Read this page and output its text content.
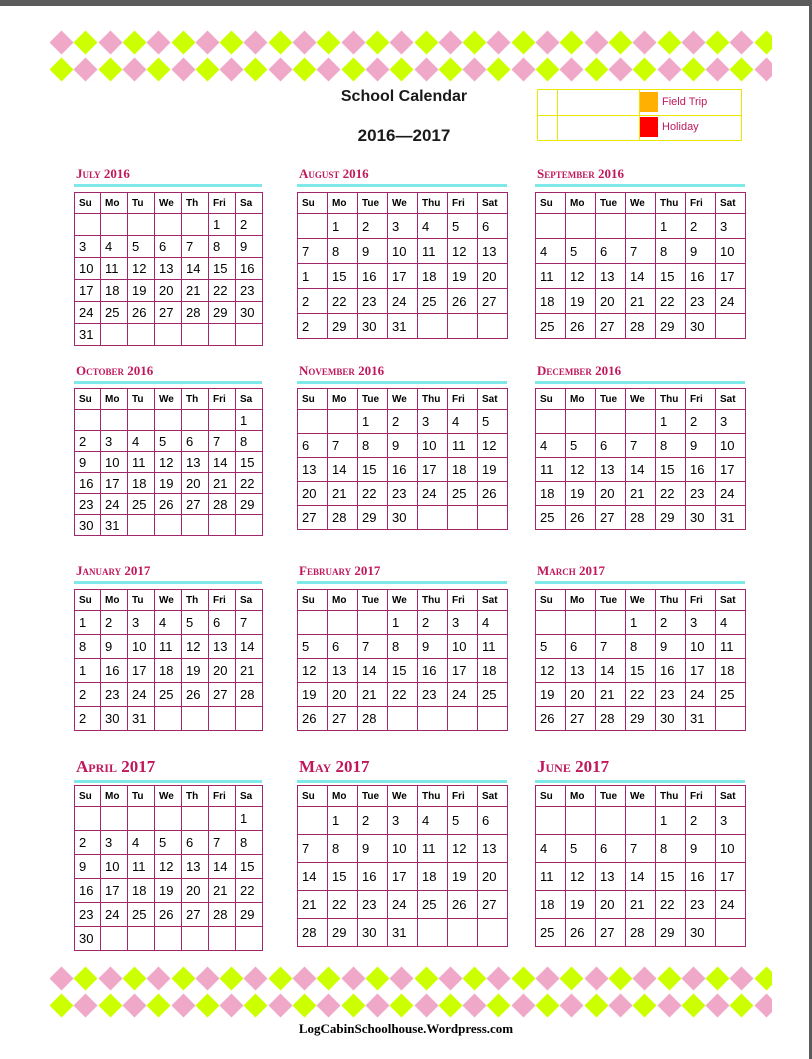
School Calendar
2016—2017
Field Trip
Holiday
July 2016
Su	Mo	Tu	We	Th	Fri	Sa
					1	2
3	4	5	6	7	8	9
10	11	12	13	14	15	16
17	18	19	20	21	22	23
24	25	26	27	28	29	30
31						
August 2016
Su	Mo	Tue	We	Thu	Fri	Sat
	1	2	3	4	5	6
7	8	9	10	11	12	13
1	15	16	17	18	19	20
2	22	23	24	25	26	27
2	29	30	31			
September 2016
Su	Mo	Tue	We	Thu	Fri	Sat
				1	2	3
4	5	6	7	8	9	10
11	12	13	14	15	16	17
18	19	20	21	22	23	24
25	26	27	28	29	30	
October 2016
Su	Mo	Tu	We	Th	Fri	Sa
						1
2	3	4	5	6	7	8
9	10	11	12	13	14	15
16	17	18	19	20	21	22
23	24	25	26	27	28	29
30	31					
November 2016
Su	Mo	Tue	We	Thu	Fri	Sat
		1	2	3	4	5
6	7	8	9	10	11	12
13	14	15	16	17	18	19
20	21	22	23	24	25	26
27	28	29	30			
December 2016
Su	Mo	Tue	We	Thu	Fri	Sat
				1	2	3
4	5	6	7	8	9	10
11	12	13	14	15	16	17
18	19	20	21	22	23	24
25	26	27	28	29	30	31
January 2017
Su	Mo	Tu	We	Th	Fri	Sa
1	2	3	4	5	6	7
8	9	10	11	12	13	14
1	16	17	18	19	20	21
2	23	24	25	26	27	28
2	30	31				
February 2017
Su	Mo	Tue	We	Thu	Fri	Sat
			1	2	3	4
5	6	7	8	9	10	11
12	13	14	15	16	17	18
19	20	21	22	23	24	25
26	27	28				
March 2017
Su	Mo	Tue	We	Thu	Fri	Sat
			1	2	3	4
5	6	7	8	9	10	11
12	13	14	15	16	17	18
19	20	21	22	23	24	25
26	27	28	29	30	31	
April 2017
Su	Mo	Tu	We	Th	Fri	Sa
						1
2	3	4	5	6	7	8
9	10	11	12	13	14	15
16	17	18	19	20	21	22
23	24	25	26	27	28	29
30						
May 2017
Su	Mo	Tue	We	Thu	Fri	Sat
	1	2	3	4	5	6
7	8	9	10	11	12	13
14	15	16	17	18	19	20
21	22	23	24	25	26	27
28	29	30	31			
June 2017
Su	Mo	Tue	We	Thu	Fri	Sat
				1	2	3
4	5	6	7	8	9	10
11	12	13	14	15	16	17
18	19	20	21	22	23	24
25	26	27	28	29	30	
LogCabinSchoolhouse.Wordpress.com
